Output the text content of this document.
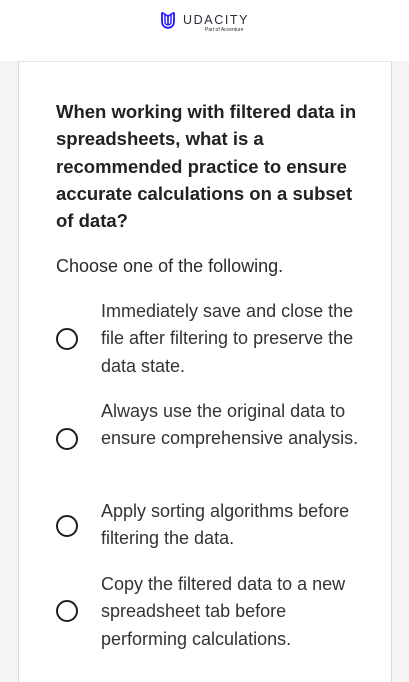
UDACITY
Part of Accenture

When working with filtered data in spreadsheets, what is a recommended practice to ensure accurate calculations on a subset of data?

Choose one of the following.

Immediately save and close the file after filtering to preserve the data state.

Always use the original data to ensure comprehensive analysis.

Apply sorting algorithms before filtering the data.

Copy the filtered data to a new spreadsheet tab before performing calculations.
